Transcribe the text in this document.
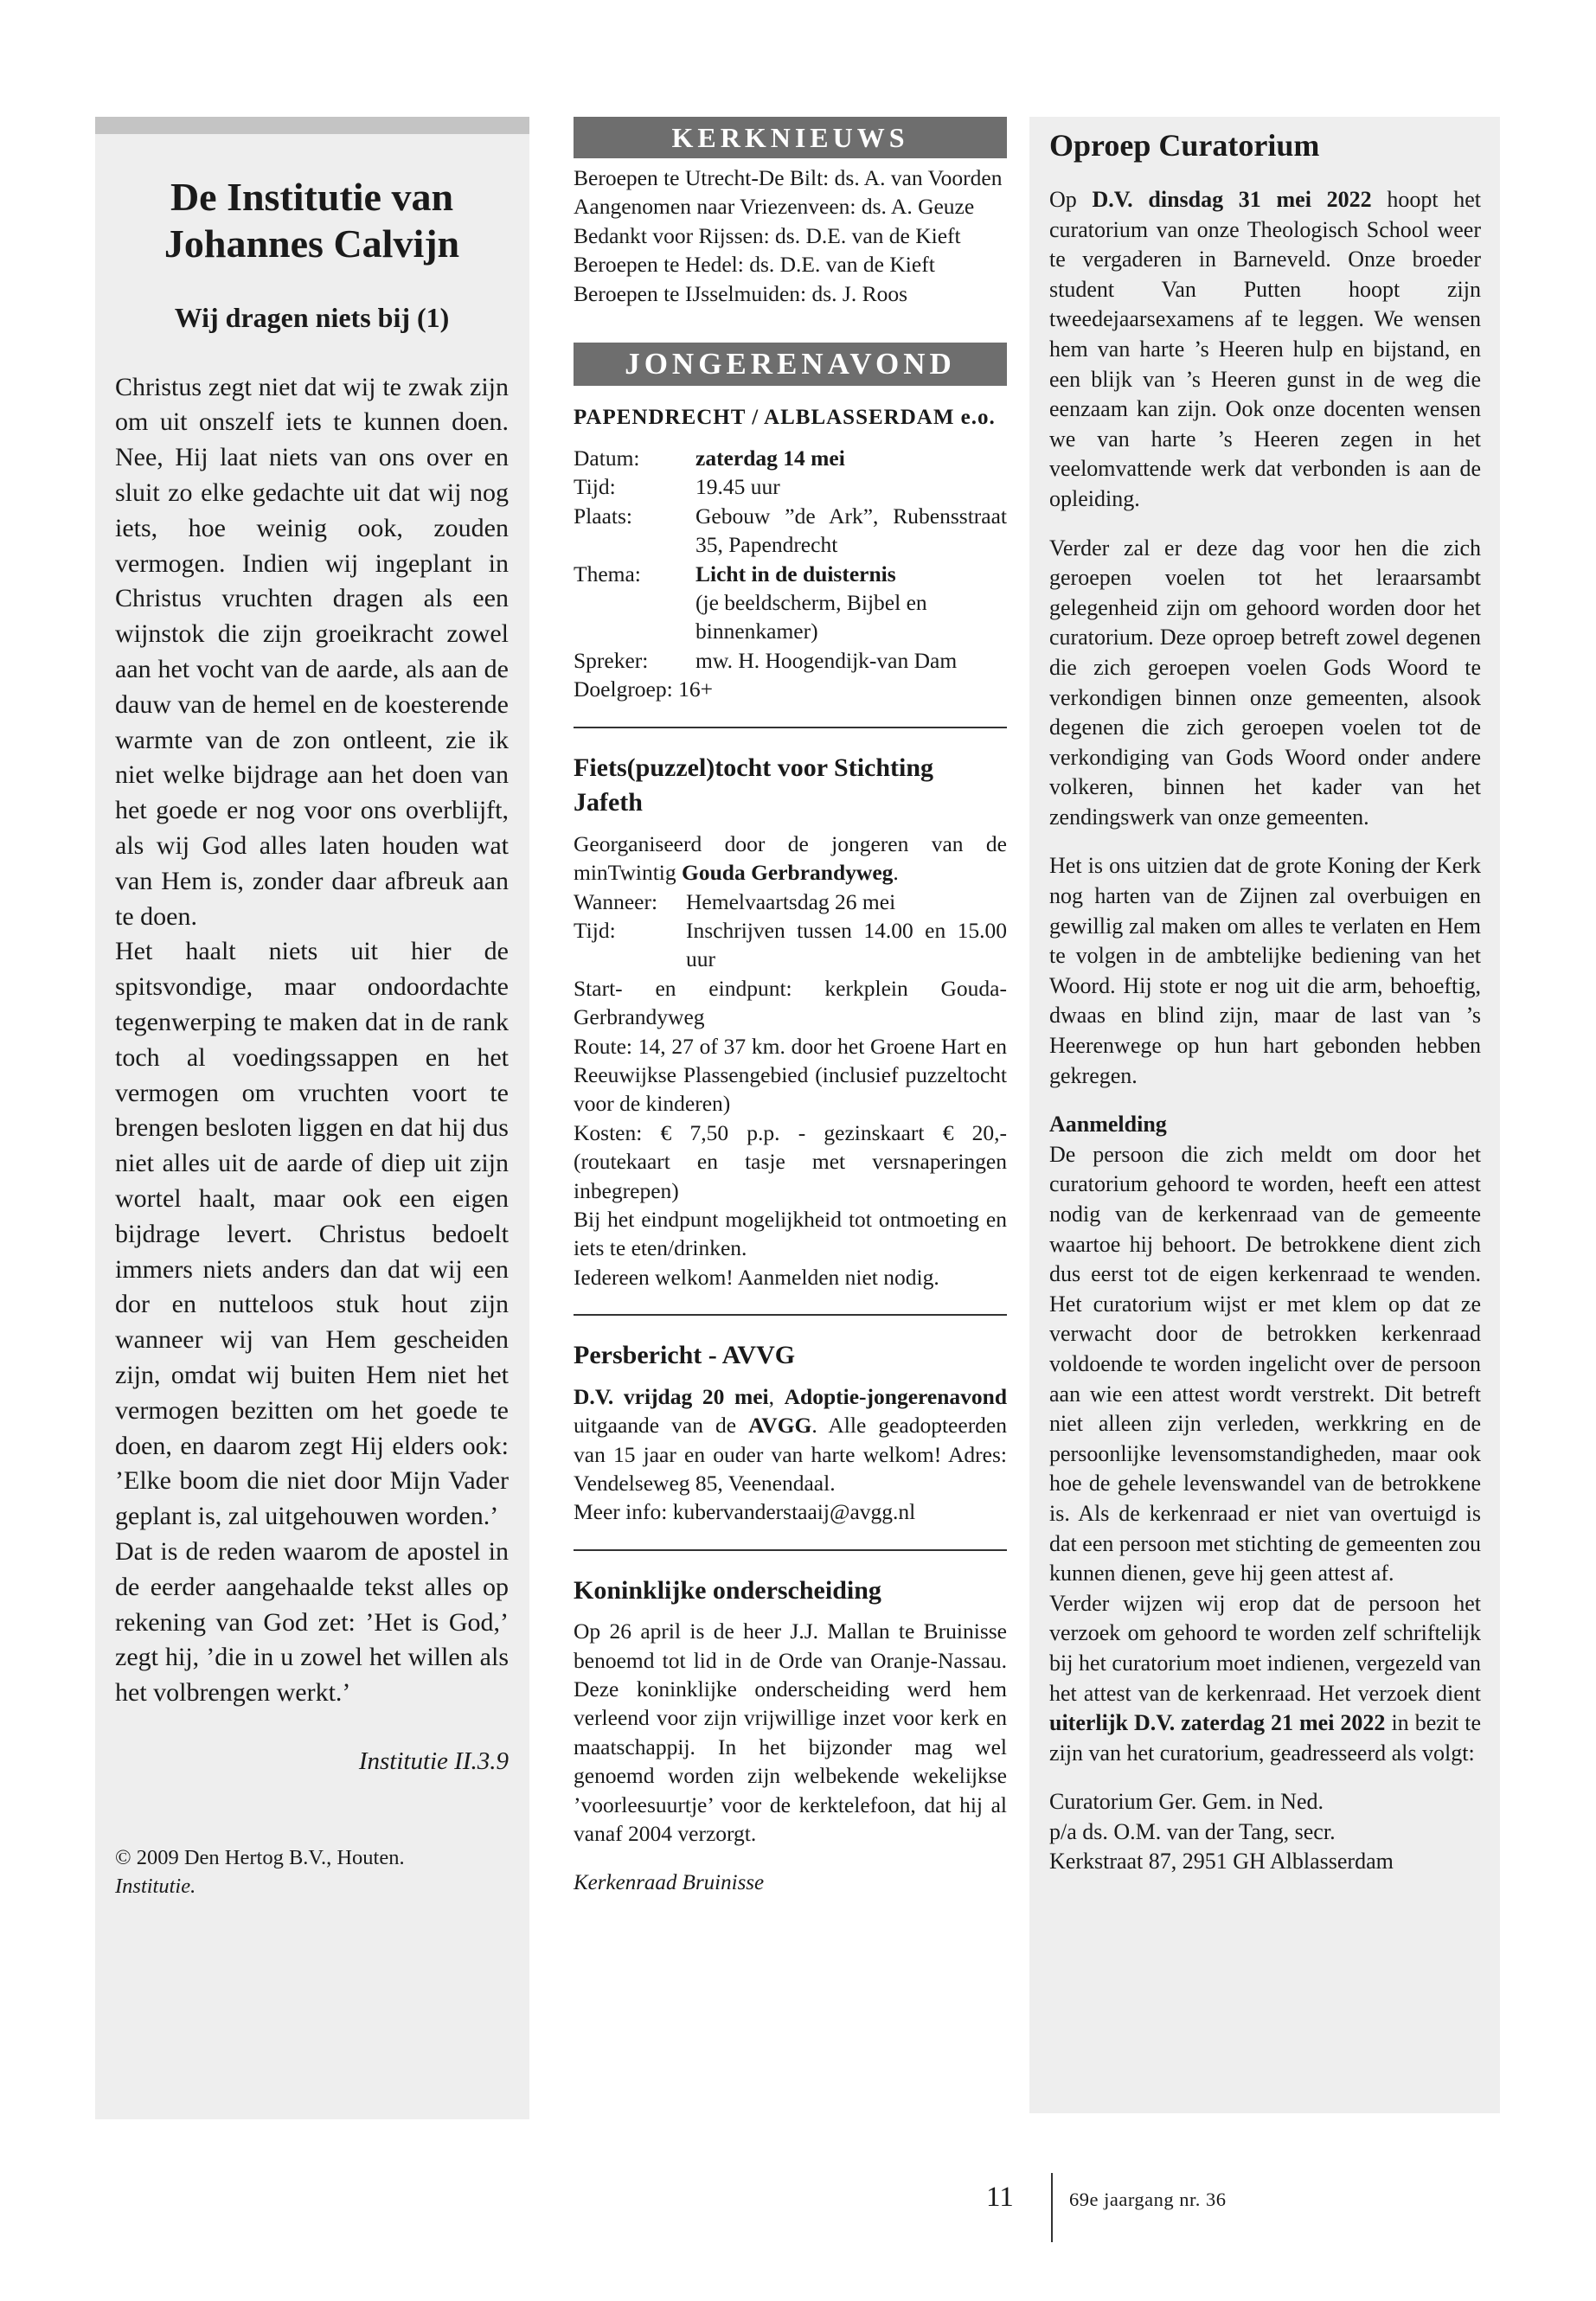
De Institutie van Johannes Calvijn
Wij dragen niets bij (1)

Christus zegt niet dat wij te zwak zijn om uit onszelf iets te kunnen doen. Nee, Hij laat niets van ons over en sluit zo elke gedachte uit dat wij nog iets, hoe weinig ook, zouden vermogen. Indien wij ingeplant in Christus vruchten dragen als een wijnstok die zijn groeikracht zowel aan het vocht van de aarde, als aan de dauw van de hemel en de koesterende warmte van de zon ontleent, zie ik niet welke bijdrage aan het doen van het goede er nog voor ons overblijft, als wij God alles laten houden wat van Hem is, zonder daar afbreuk aan te doen.

Het haalt niets uit hier de spitsvondige, maar ondoordachte tegenwerping te maken dat in de rank toch al voedingssappen en het vermogen om vruchten voort te brengen besloten liggen en dat hij dus niet alles uit de aarde of diep uit zijn wortel haalt, maar ook een eigen bijdrage levert. Christus bedoelt immers niets anders dan dat wij een dor en nutteloos stuk hout zijn wanneer wij van Hem gescheiden zijn, omdat wij buiten Hem niet het vermogen bezitten om het goede te doen, en daarom zegt Hij elders ook: ’Elke boom die niet door Mijn Vader geplant is, zal uitgehouwen worden.’

Dat is de reden waarom de apostel in de eerder aangehaalde tekst alles op rekening van God zet: ’Het is God,’ zegt hij, ’die in u zowel het willen als het volbrengen werkt.’

Institutie II.3.9
© 2009 Den Hertog B.V., Houten.
Institutie.
KERKNIEUWS

Beroepen te Utrecht-De Bilt: ds. A. van Voorden

Aangenomen naar Vriezenveen: ds. A. Geuze

Bedankt voor Rijssen: ds. D.E. van de Kieft

Beroepen te Hedel: ds. D.E. van de Kieft

Beroepen te IJsselmuiden: ds. J. Roos

JONGERENAVOND
PAPENDRECHT / ALBLASSERDAM e.o.
Datum:	zaterdag 14 mei
Tijd:	19.45 uur
Plaats:	Gebouw ”de Ark”, Rubensstraat 35, Papendrecht
Thema:	Licht in de duisternis
(je beeldscherm, Bijbel en binnenkamer)
Spreker:	mw. H. Hoogendijk-van Dam

Doelgroep: 16+

Fiets(puzzel)tocht voor Stichting Jafeth

Georganiseerd door de jongeren van de minTwintig Gouda Gerbrandyweg.

Wanneer:	Hemelvaartsdag 26 mei
Tijd:	Inschrijven tussen 14.00 en 15.00 uur

Start- en eindpunt: kerkplein Gouda-Gerbrandyweg

Route: 14, 27 of 37 km. door het Groene Hart en Reeuwijkse Plassengebied (inclusief puzzeltocht voor de kinderen)

Kosten: € 7,50 p.p. - gezinskaart € 20,- (routekaart en tasje met versnaperingen inbegrepen)

Bij het eindpunt mogelijkheid tot ontmoeting en iets te eten/drinken.

Iedereen welkom! Aanmelden niet nodig.

Persbericht - AVVG

D.V. vrijdag 20 mei, Adoptie-jongerenavond uitgaande van de AVGG. Alle geadopteerden van 15 jaar en ouder van harte welkom! Adres: Vendelseweg 85, Veenendaal.

Meer info: kubervanderstaaij@avgg.nl

Koninklijke onderscheiding

Op 26 april is de heer J.J. Mallan te Bruinisse benoemd tot lid in de Orde van Oranje-Nassau. Deze koninklijke onderscheiding werd hem verleend voor zijn vrijwillige inzet voor kerk en maatschappij. In het bijzonder mag wel genoemd worden zijn welbekende wekelijkse ’voorleesuurtje’ voor de kerktelefoon, dat hij al vanaf 2004 verzorgt.

Kerkenraad Bruinisse
Oproep Curatorium

Op D.V. dinsdag 31 mei 2022 hoopt het curatorium van onze Theologisch School weer te vergaderen in Barneveld. Onze broeder student Van Putten hoopt zijn tweedejaarsexamens af te leggen. We wensen hem van harte ’s Heeren hulp en bijstand, en een blijk van ’s Heeren gunst in de weg die eenzaam kan zijn. Ook onze docenten wensen we van harte ’s Heeren zegen in het veelomvattende werk dat verbonden is aan de opleiding.

Verder zal er deze dag voor hen die zich geroepen voelen tot het leraarsambt gelegenheid zijn om gehoord worden door het curatorium. Deze oproep betreft zowel degenen die zich geroepen voelen Gods Woord te verkondigen binnen onze gemeenten, alsook degenen die zich geroepen voelen tot de verkondiging van Gods Woord onder andere volkeren, binnen het kader van het zendingswerk van onze gemeenten.

Het is ons uitzien dat de grote Koning der Kerk nog harten van de Zijnen zal overbuigen en gewillig zal maken om alles te verlaten en Hem te volgen in de ambtelijke bediening van het Woord. Hij stote er nog uit die arm, behoeftig, dwaas en blind zijn, maar de last van ’s Heerenwege op hun hart gebonden hebben gekregen.

Aanmelding

De persoon die zich meldt om door het curatorium gehoord te worden, heeft een attest nodig van de kerkenraad van de gemeente waartoe hij behoort. De betrokkene dient zich dus eerst tot de eigen kerkenraad te wenden. Het curatorium wijst er met klem op dat ze verwacht door de betrokken kerkenraad voldoende te worden ingelicht over de persoon aan wie een attest wordt verstrekt. Dit betreft niet alleen zijn verleden, werkkring en de persoonlijke levensomstandigheden, maar ook hoe de gehele levenswandel van de betrokkene is. Als de kerkenraad er niet van overtuigd is dat een persoon met stichting de gemeenten zou kunnen dienen, geve hij geen attest af.

Verder wijzen wij erop dat de persoon het verzoek om gehoord te worden zelf schriftelijk bij het curatorium moet indienen, vergezeld van het attest van de kerkenraad. Het verzoek dient uiterlijk D.V. zaterdag 21 mei 2022 in bezit te zijn van het curatorium, geadresseerd als volgt:

Curatorium Ger. Gem. in Ned.
p/a ds. O.M. van der Tang, secr.
Kerkstraat 87, 2951 GH Alblasserdam
11	69e jaargang nr. 36
